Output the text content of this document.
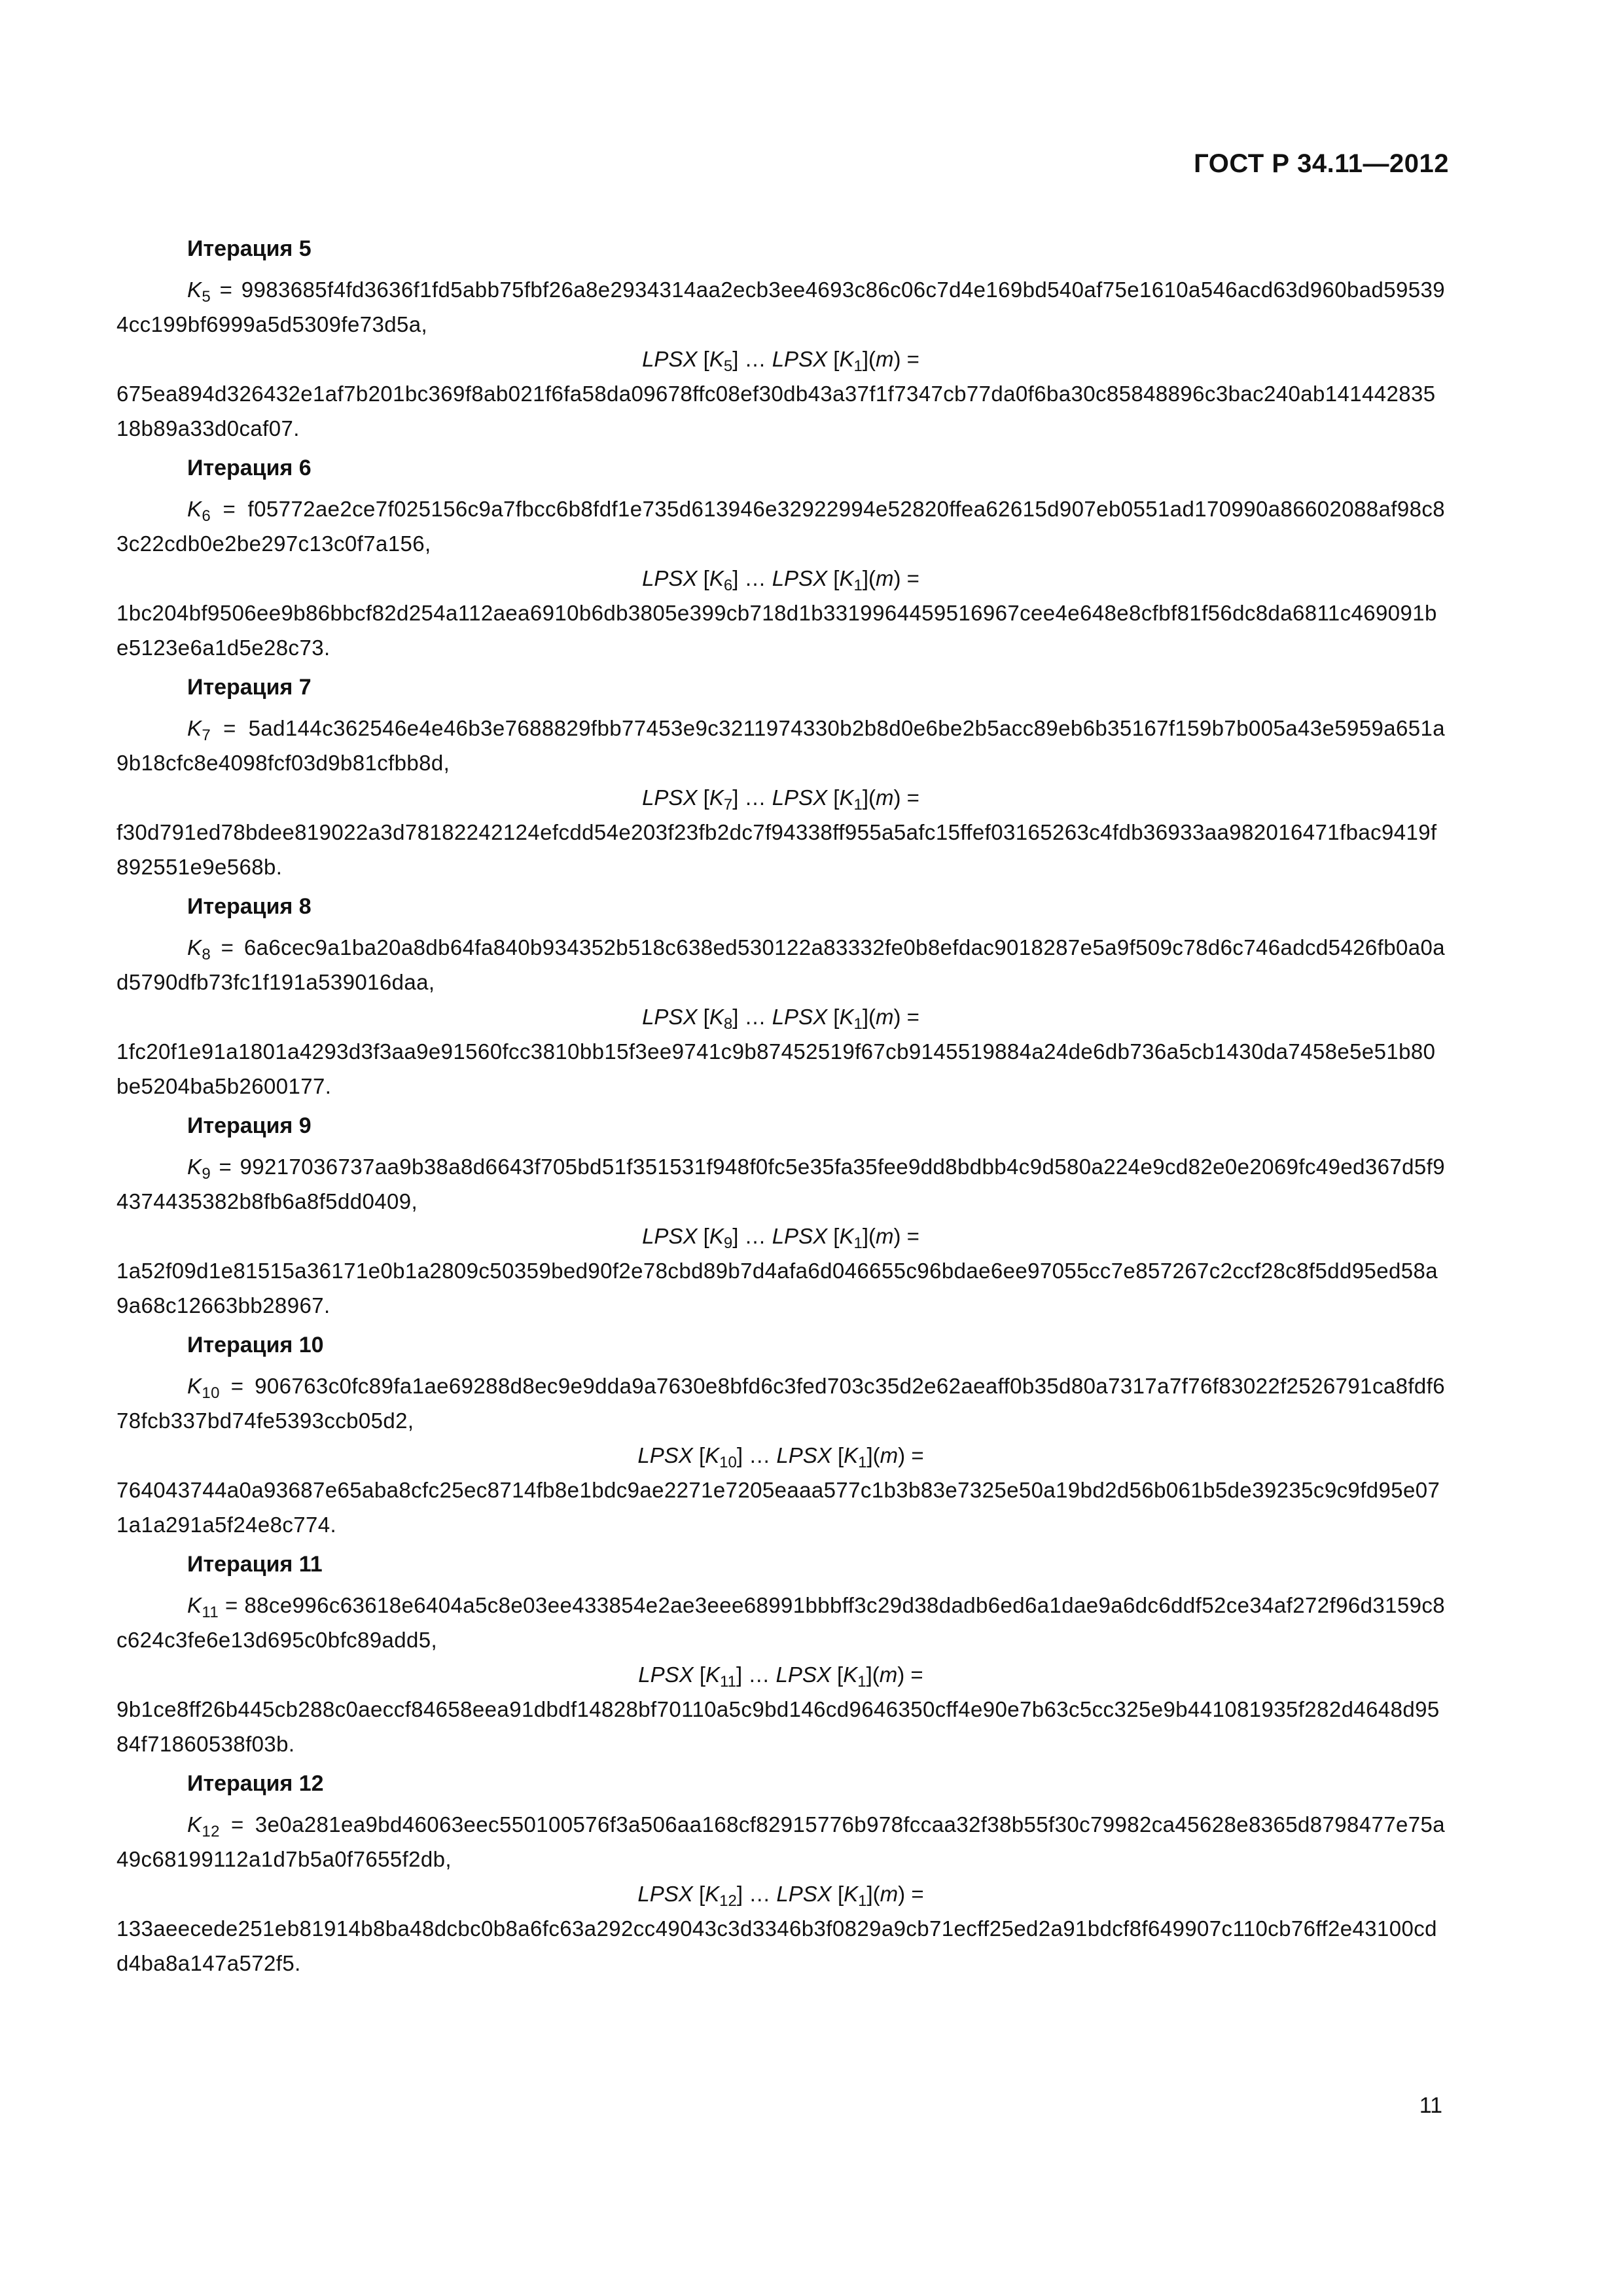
ГОСТ Р 34.11—2012
Итерация 5

$K_5 = 9983685f4fd3636f1fd5abb75fbf26a8e2934314aa2ecb3ee4693c86c06c7d4e169bd540af75e1610a546acd63d960bad595394cc199bf6999a5d530$9fe73d5a,

LPSX $[K_5]$ … LPSX $[K_1](m)$ =

675ea894d326432e1af7b201bc369f8ab021f6fa58da09678ffc08ef30db43a37f1f7347cb77da0f6ba30c85848896c3bac240ab14144283518b89a33d0caf07.

Итерация 6

$K_6$ = f05772ae2ce7f025156c9a7fbcc6b8fdf1e735d613946e32922994e52820ffea62615d907eb0551ad170990a86602088af98c83c22cdb0e2be297c13c0f7a156,

LPSX $[K_6]$ … LPSX $[K_1](m)$ =

1bc204bf9506ee9b86bbcf82d254a112aea6910b6db3805e399cb718d1b3319964459516967cee4e648e8cfbf81f56dc8da6811c469091be5123e6a1d5e28c73.

Итерация 7

$K_7 = 5ad144c362546e4e46b3e7688829fbb77453e9c3211974330b2b8d0e6be2b5acc89eb6b35167f159b7b005a43e5959a651a9b18cfc8e4098fcf03d9b$81cfbb8d,

LPSX $[K_7]$ … LPSX $[K_1](m)$ =

f30d791ed78bdee819022a3d78182242124efcdd54e203f23fb2dc7f94338ff955a5afc15ffef03165263c4fdb36933aa982016471fbac9419f892551e9e568b.

Итерация 8

$K_8$ = 6a6cec9a1ba20a8db64fa840b934352b518c638ed530122a83332fe0b8efdac9018287e5a9f509c78d6c746adcd5426fb0a0ad5790dfb73fc1f191a539016daa,

LPSX $[K_8]$ … LPSX $[K_1](m)$ =

1fc20f1e91a1801a4293d3f3aa9e91560fcc3810bb15f3ee9741c9b87452519f67cb9145519884a24de6db736a5cb1430da7458e5e51b80be5204ba5b2600177.

Итерация 9

$K_9$ = 99217036737aa9b38a8d6643f705bd51f351531f948f0fc5e35fa35fee9dd8bdbb4c9d580a224e9cd82e0e2069fc49ed367d5f94374435382b8fb6a8f5dd0409,

LPSX $[K_9]$ … LPSX $[K_1](m)$ =

1a52f09d1e81515a36171e0b1a2809c50359bed90f2e78cbd89b7d4afa6d046655c96bdae6ee97055cc7e857267c2ccf28c8f5dd95ed58a9a68c12663bb28967.

Итерация 10

$K_{10}$ = 906763c0fc89fa1ae69288d8ec9e9dda9a7630e8bfd6c3fed703c35d2e62aeaff0b35d80a7317a7f76f83022f2526791ca8fdf678fcb337bd74fe5393ccb05d2,

LPSX $[K_{10}]$ … LPSX $[K_1](m)$ =

764043744a0a93687e65aba8cfc25ec8714fb8e1bdc9ae2271e7205eaaa577c1b3b83e7325e50a19bd2d56b061b5de39235c9c9fd95e071a1a291a5f24e8c774.

Итерация 11

$K_{11}$ = 88ce996c63618e6404a5c8e03ee433854e2ae3eee68991bbbff3c29d38dadb6ed6a1dae9a6dc6ddf52ce34af272f96d3159c8c624c3fe6e13d695c0bfc89add5,

LPSX $[K_{11}]$ … LPSX $[K_1](m)$ =

9b1ce8ff26b445cb288c0aeccf84658eea91dbdf14828bf70110a5c9bd146cd9646350cff4e90e7b63c5cc325e9b441081935f282d4648d9584f71860538f03b.

Итерация 12

$K_{12}$ = 3e0a281ea9bd46063eec550100576f3a506aa168cf82915776b978fccaa32f38b55f30c79982ca45628e8365d8798477e75a49c68199112a1d7b5a0f7655f2db,

LPSX $[K_{12}]$ … LPSX $[K_1](m)$ =

133aeecede251eb81914b8ba48dcbc0b8a6fc63a292cc49043c3d3346b3f0829a9cb71ecff25ed2a91bdcf8f649907c110cb76ff2e43100cdd4ba8a147a572f5.

11
